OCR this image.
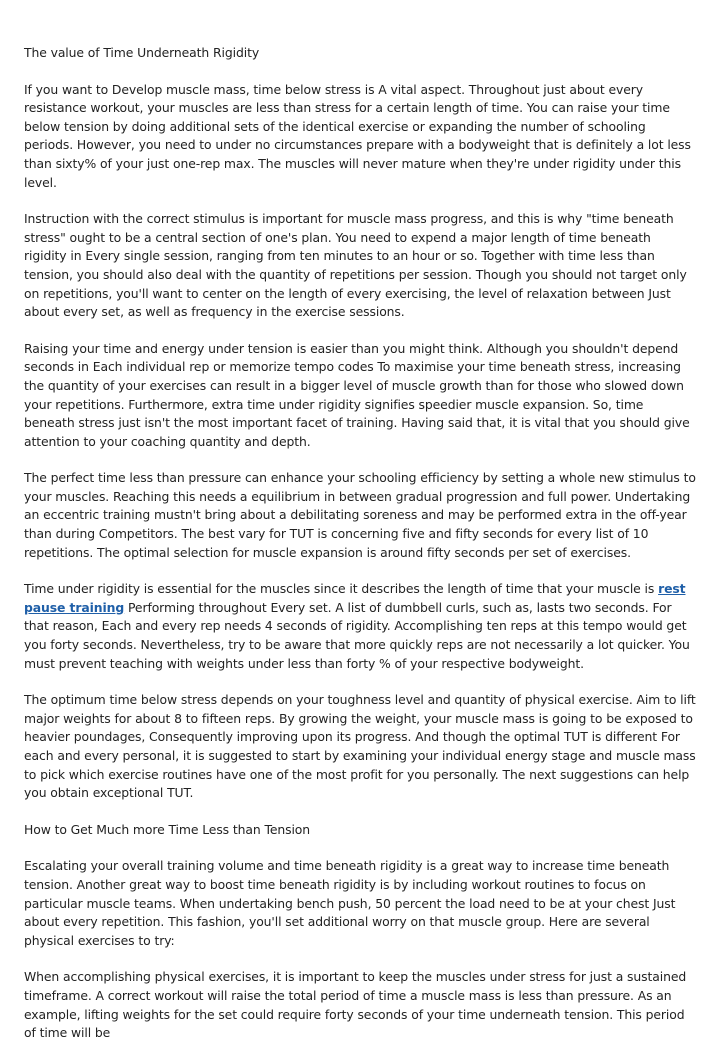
The value of Time Underneath Rigidity

If you want to Develop muscle mass, time below stress is A vital aspect. Throughout just about every resistance workout, your muscles are less than stress for a certain length of time. You can raise your time below tension by doing additional sets of the identical exercise or expanding the number of schooling periods. However, you need to under no circumstances prepare with a bodyweight that is definitely a lot less than sixty% of your just one-rep max. The muscles will never mature when they're under rigidity under this level.

Instruction with the correct stimulus is important for muscle mass progress, and this is why "time beneath stress" ought to be a central section of one's plan. You need to expend a major length of time beneath rigidity in Every single session, ranging from ten minutes to an hour or so. Together with time less than tension, you should also deal with the quantity of repetitions per session. Though you should not target only on repetitions, you'll want to center on the length of every exercising, the level of relaxation between Just about every set, as well as frequency in the exercise sessions.

Raising your time and energy under tension is easier than you might think. Although you shouldn't depend seconds in Each individual rep or memorize tempo codes To maximise your time beneath stress, increasing the quantity of your exercises can result in a bigger level of muscle growth than for those who slowed down your repetitions. Furthermore, extra time under rigidity signifies speedier muscle expansion. So, time beneath stress just isn't the most important facet of training. Having said that, it is vital that you should give attention to your coaching quantity and depth.

The perfect time less than pressure can enhance your schooling efficiency by setting a whole new stimulus to your muscles. Reaching this needs a equilibrium in between gradual progression and full power. Undertaking an eccentric training mustn't bring about a debilitating soreness and may be performed extra in the off-year than during Competitors. The best vary for TUT is concerning five and fifty seconds for every list of 10 repetitions. The optimal selection for muscle expansion is around fifty seconds per set of exercises.

Time under rigidity is essential for the muscles since it describes the length of time that your muscle is rest pause training Performing throughout Every set. A list of dumbbell curls, such as, lasts two seconds. For that reason, Each and every rep needs 4 seconds of rigidity. Accomplishing ten reps at this tempo would get you forty seconds. Nevertheless, try to be aware that more quickly reps are not necessarily a lot quicker. You must prevent teaching with weights under less than forty % of your respective bodyweight.

The optimum time below stress depends on your toughness level and quantity of physical exercise. Aim to lift major weights for about 8 to fifteen reps. By growing the weight, your muscle mass is going to be exposed to heavier poundages, Consequently improving upon its progress. And though the optimal TUT is different For each and every personal, it is suggested to start by examining your individual energy stage and muscle mass to pick which exercise routines have one of the most profit for you personally. The next suggestions can help you obtain exceptional TUT.

How to Get Much more Time Less than Tension

Escalating your overall training volume and time beneath rigidity is a great way to increase time beneath tension. Another great way to boost time beneath rigidity is by including workout routines to focus on particular muscle teams. When undertaking bench push, 50 percent the load need to be at your chest Just about every repetition. This fashion, you'll set additional worry on that muscle group. Here are several physical exercises to try:

When accomplishing physical exercises, it is important to keep the muscles under stress for just a sustained timeframe. A correct workout will raise the total period of time a muscle mass is less than pressure. As an example, lifting weights for the set could require forty seconds of your time underneath tension. This period of time will be
